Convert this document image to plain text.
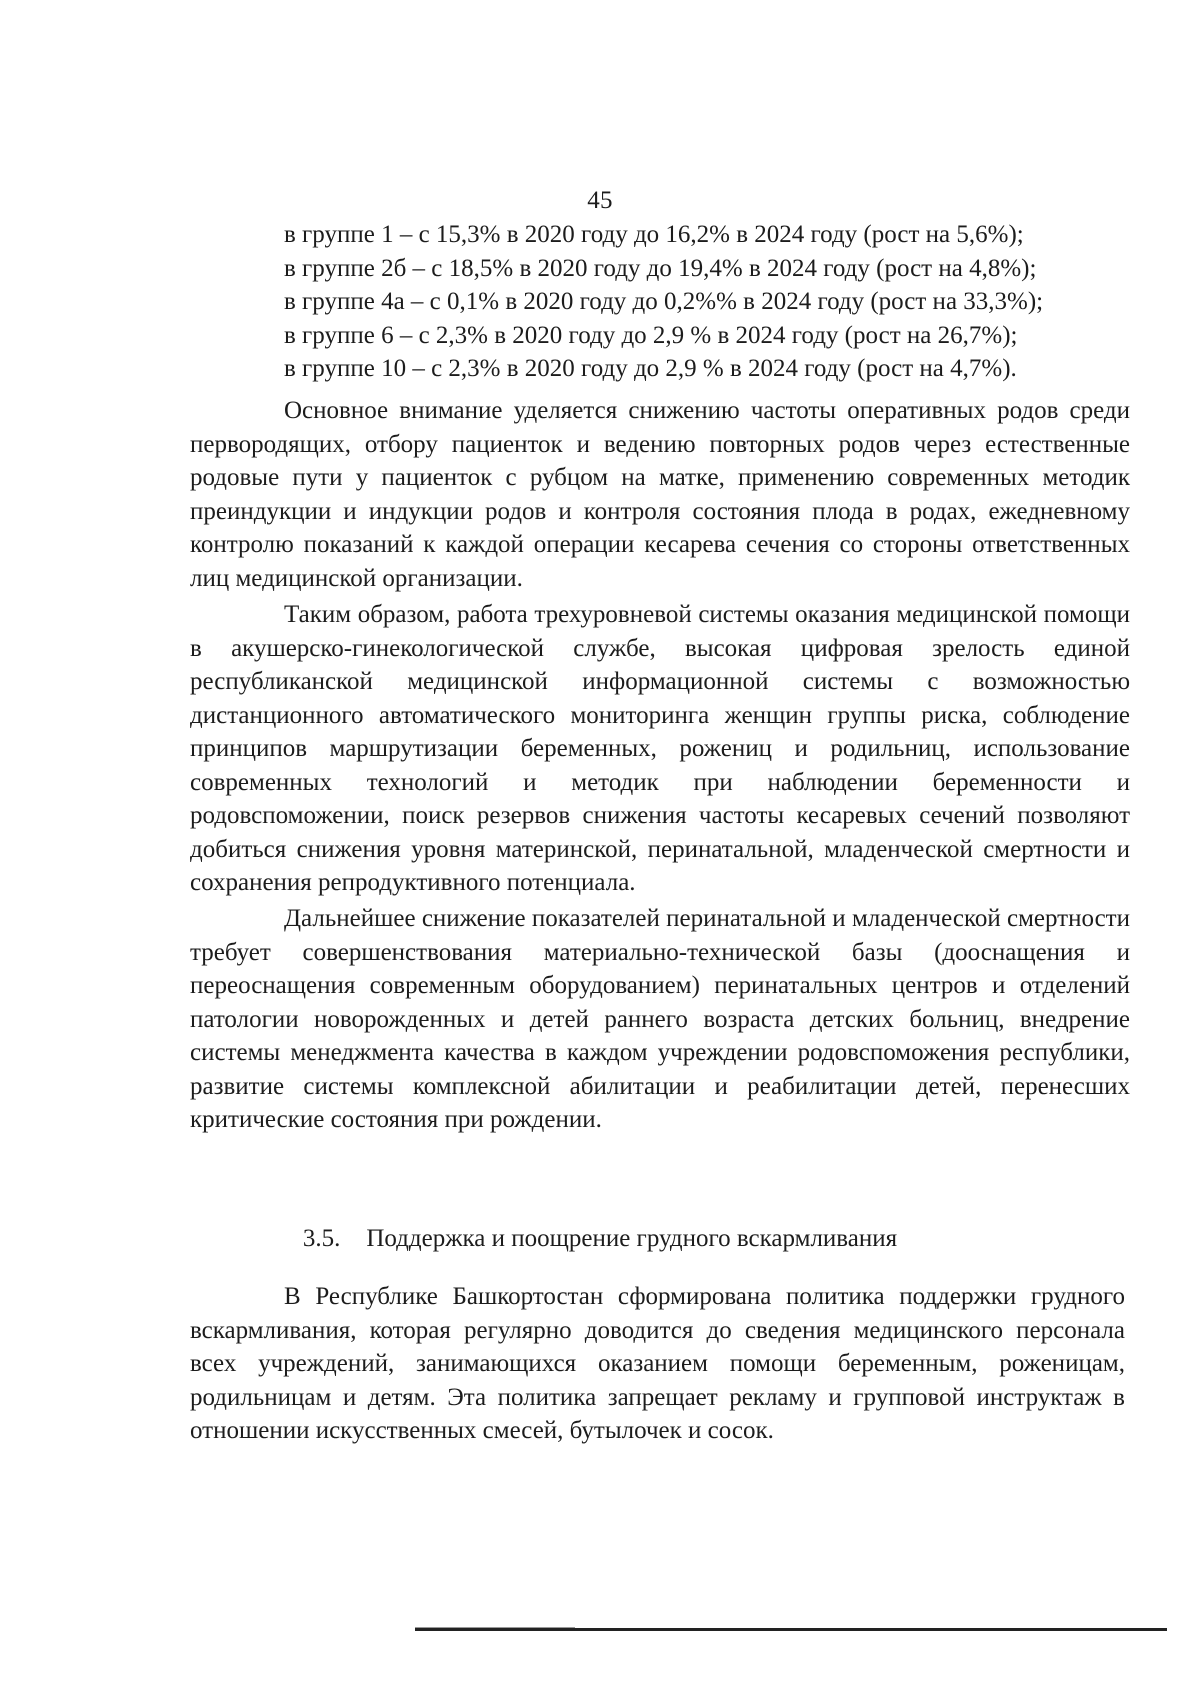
45
в группе 1 – с 15,3% в 2020 году до 16,2% в 2024 году (рост на 5,6%);
в группе 2б – с 18,5% в 2020 году до 19,4% в 2024 году (рост на 4,8%);
в группе 4а – с 0,1% в 2020 году до 0,2%% в 2024 году (рост на 33,3%);
в группе 6 – с 2,3% в 2020 году до 2,9 % в 2024 году (рост на 26,7%);
в группе 10 – с 2,3% в 2020 году до 2,9 % в 2024 году (рост на 4,7%).

Основное внимание уделяется снижению частоты оперативных родов среди первородящих, отбору пациенток и ведению повторных родов через естественные родовые пути у пациенток с рубцом на матке, применению современных методик преиндукции и индукции родов и контроля состояния плода в родах, ежедневному контролю показаний к каждой операции кесарева сечения со стороны ответственных лиц медицинской организации.

Таким образом, работа трехуровневой системы оказания медицинской помощи в акушерско-гинекологической службе, высокая цифровая зрелость единой республиканской медицинской информационной системы с возможностью дистанционного автоматического мониторинга женщин группы риска, соблюдение принципов маршрутизации беременных, рожениц и родильниц, использование современных технологий и методик при наблюдении беременности и родовспоможении, поиск резервов снижения частоты кесаревых сечений позволяют добиться снижения уровня материнской, перинатальной, младенческой смертности и сохранения репродуктивного потенциала.

Дальнейшее снижение показателей перинатальной и младенческой смертности требует совершенствования материально-технической базы (дооснащения и переоснащения современным оборудованием) перинатальных центров и отделений патологии новорожденных и детей раннего возраста детских больниц, внедрение системы менеджмента качества в каждом учреждении родовспоможения республики, развитие системы комплексной абилитации и реабилитации детей, перенесших критические состояния при рождении.

3.5. Поддержка и поощрение грудного вскармливания

В Республике Башкортостан сформирована политика поддержки грудного вскармливания, которая регулярно доводится до сведения медицинского персонала всех учреждений, занимающихся оказанием помощи беременным, роженицам, родильницам и детям. Эта политика запрещает рекламу и групповой инструктаж в отношении искусственных смесей, бутылочек и сосок.
